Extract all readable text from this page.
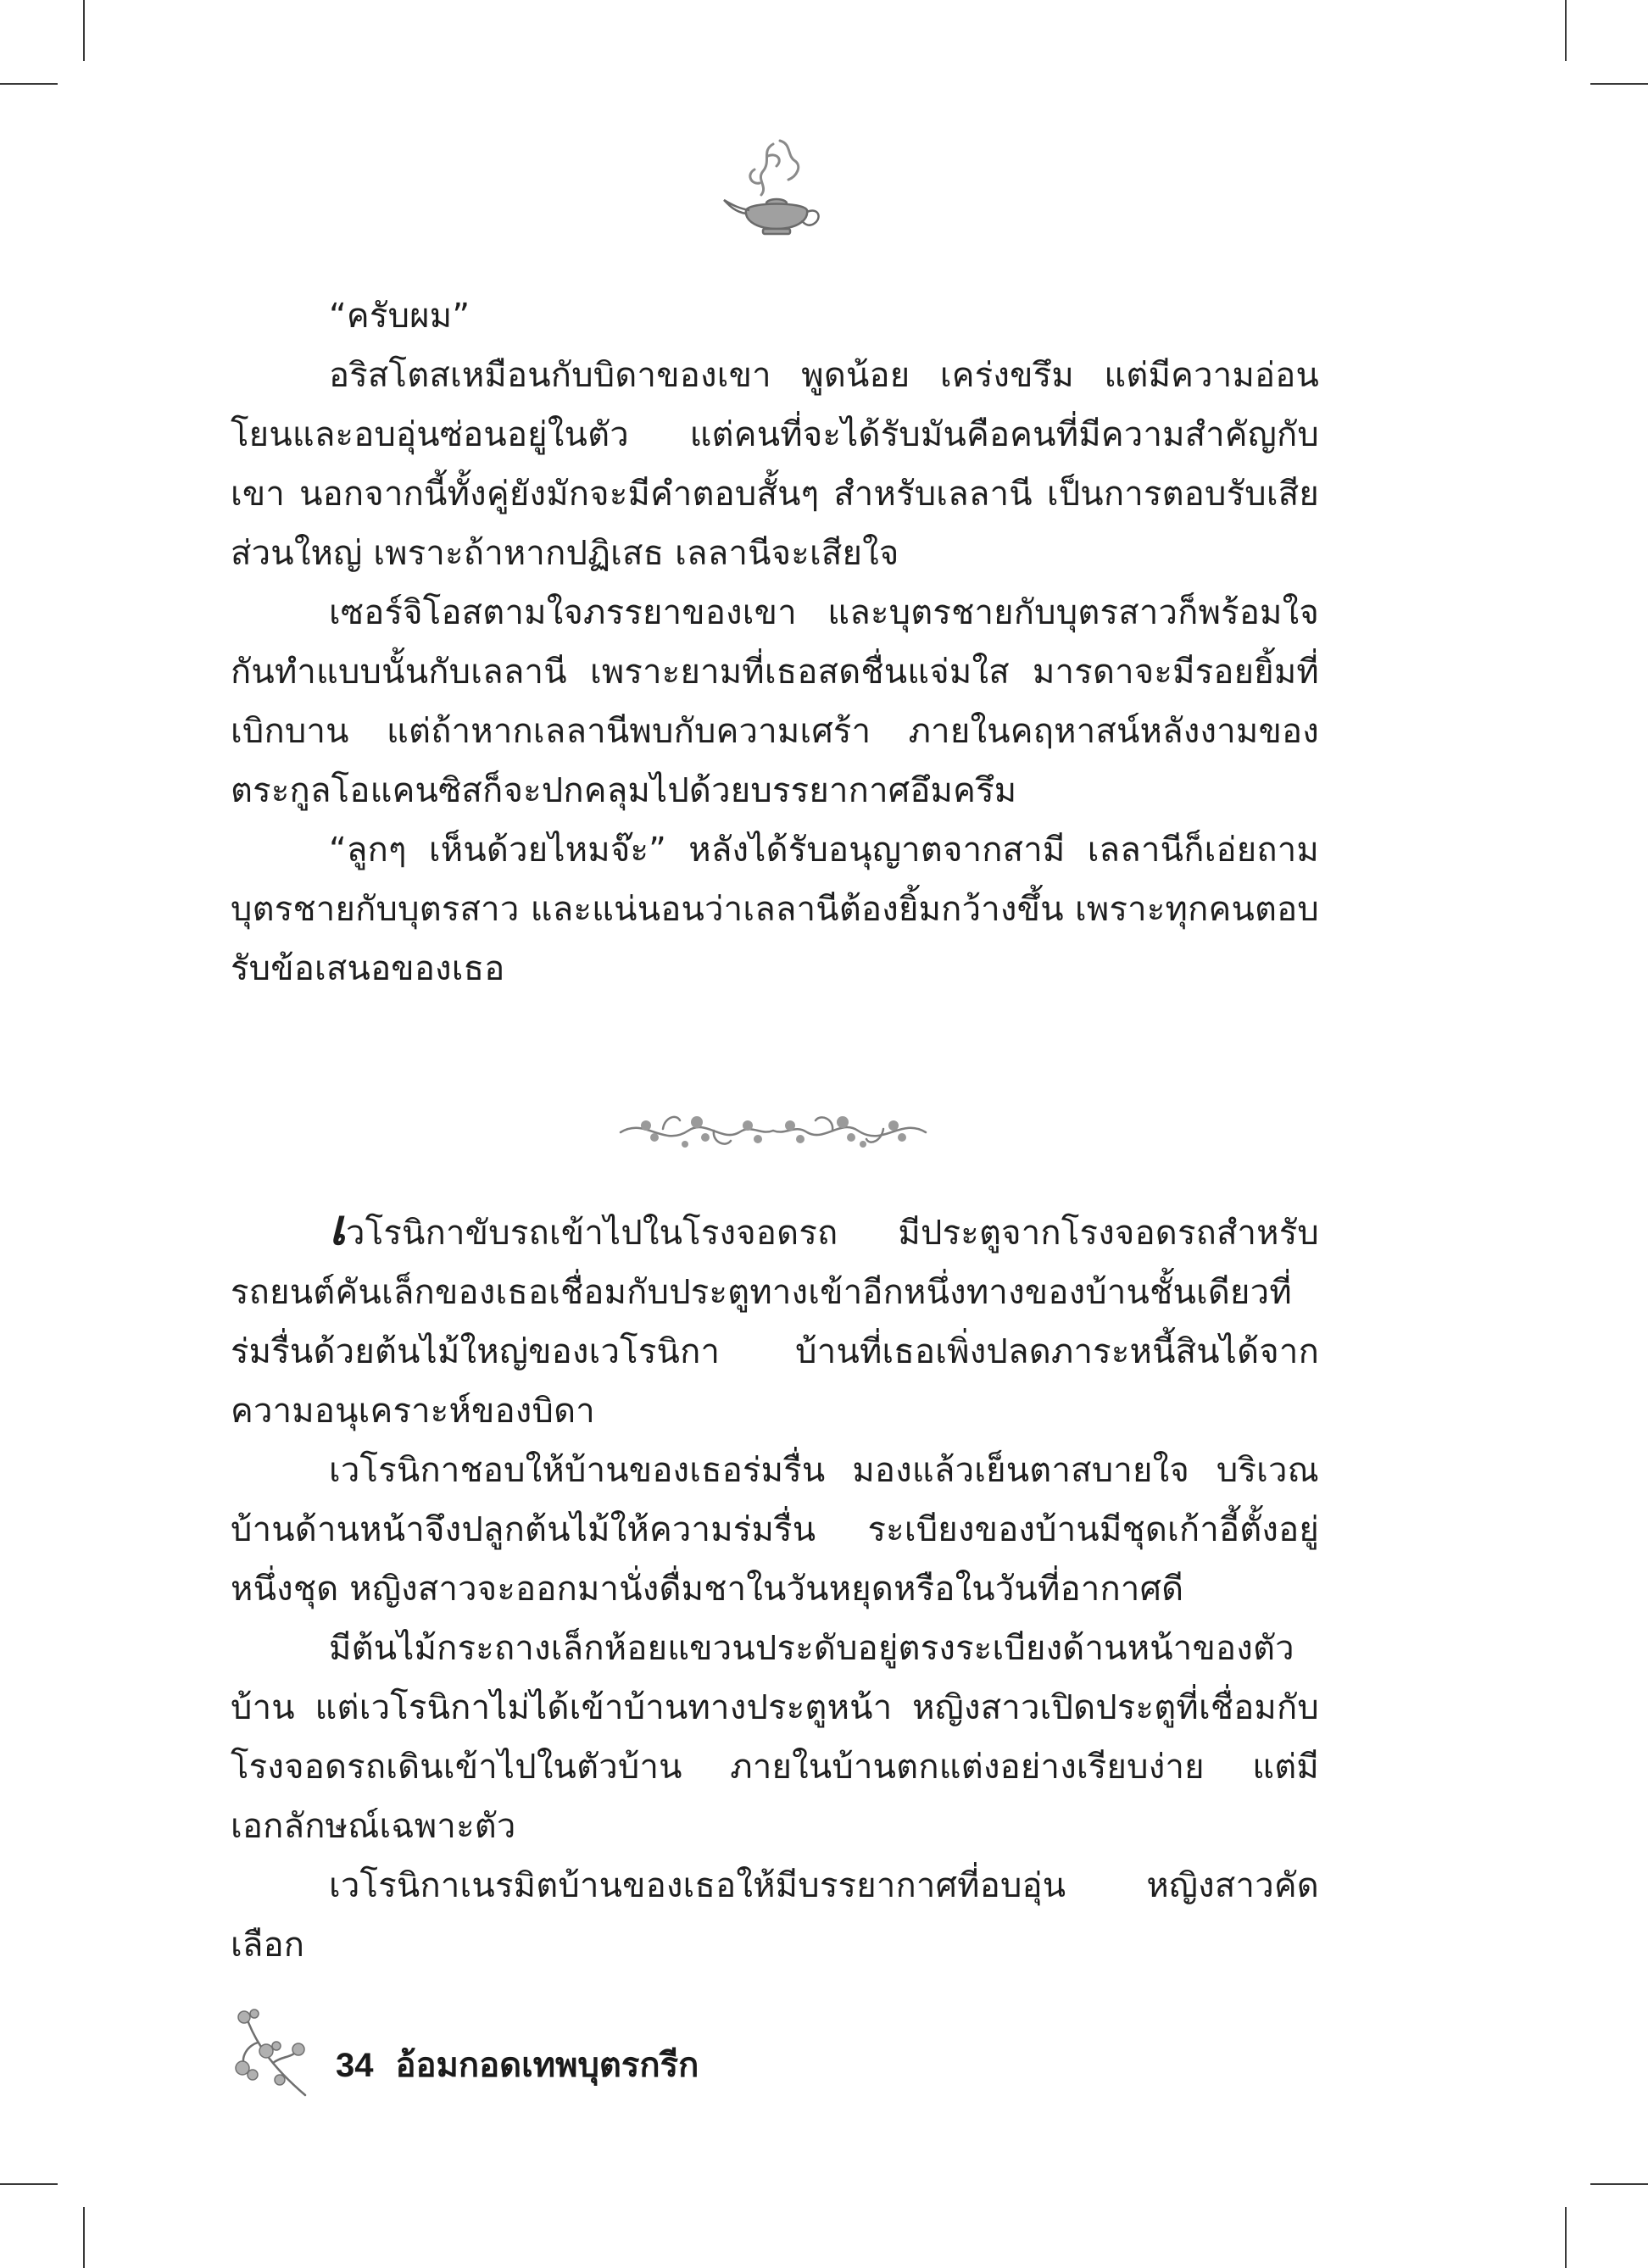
“ครับผม”

อริสโตสเหมือนกับบิดาของเขา พูดน้อย เคร่งขรึม แต่มีความอ่อนโยนและอบอุ่นซ่อนอยู่ในตัว แต่คนที่จะได้รับมันคือคนที่มีความสำคัญกับเขา นอกจากนี้ทั้งคู่ยังมักจะมีคำตอบสั้นๆ สำหรับเลลานี เป็นการตอบรับเสียส่วนใหญ่ เพราะถ้าหากปฏิเสธ เลลานีจะเสียใจ

เซอร์จิโอสตามใจภรรยาของเขา และบุตรชายกับบุตรสาวก็พร้อมใจกันทำแบบนั้นกับเลลานี เพราะยามที่เธอสดชื่นแจ่มใส มารดาจะมีรอยยิ้มที่เบิกบาน แต่ถ้าหากเลลานีพบกับความเศร้า ภายในคฤหาสน์หลังงามของตระกูลโอแคนซิสก็จะปกคลุมไปด้วยบรรยากาศอึมครึม

“ลูกๆ เห็นด้วยไหมจ๊ะ” หลังได้รับอนุญาตจากสามี เลลานีก็เอ่ยถามบุตรชายกับบุตรสาว และแน่นอนว่าเลลานีต้องยิ้มกว้างขึ้น เพราะทุกคนตอบรับข้อเสนอของเธอ

เวโรนิกาขับรถเข้าไปในโรงจอดรถ มีประตูจากโรงจอดรถสำหรับรถยนต์คันเล็กของเธอเชื่อมกับประตูทางเข้าอีกหนึ่งทางของบ้านชั้นเดียวที่ร่มรื่นด้วยต้นไม้ใหญ่ของเวโรนิกา บ้านที่เธอเพิ่งปลดภาระหนี้สินได้จากความอนุเคราะห์ของบิดา

เวโรนิกาชอบให้บ้านของเธอร่มรื่น มองแล้วเย็นตาสบายใจ บริเวณบ้านด้านหน้าจึงปลูกต้นไม้ให้ความร่มรื่น ระเบียงของบ้านมีชุดเก้าอี้ตั้งอยู่หนึ่งชุด หญิงสาวจะออกมานั่งดื่มชาในวันหยุดหรือในวันที่อากาศดี

มีต้นไม้กระถางเล็กห้อยแขวนประดับอยู่ตรงระเบียงด้านหน้าของตัวบ้าน แต่เวโรนิกาไม่ได้เข้าบ้านทางประตูหน้า หญิงสาวเปิดประตูที่เชื่อมกับโรงจอดรถเดินเข้าไปในตัวบ้าน ภายในบ้านตกแต่งอย่างเรียบง่าย แต่มีเอกลักษณ์เฉพาะตัว

เวโรนิกาเนรมิตบ้านของเธอให้มีบรรยากาศที่อบอุ่น หญิงสาวคัดเลือก

34 อ้อมกอดเทพบุตรกรีก
